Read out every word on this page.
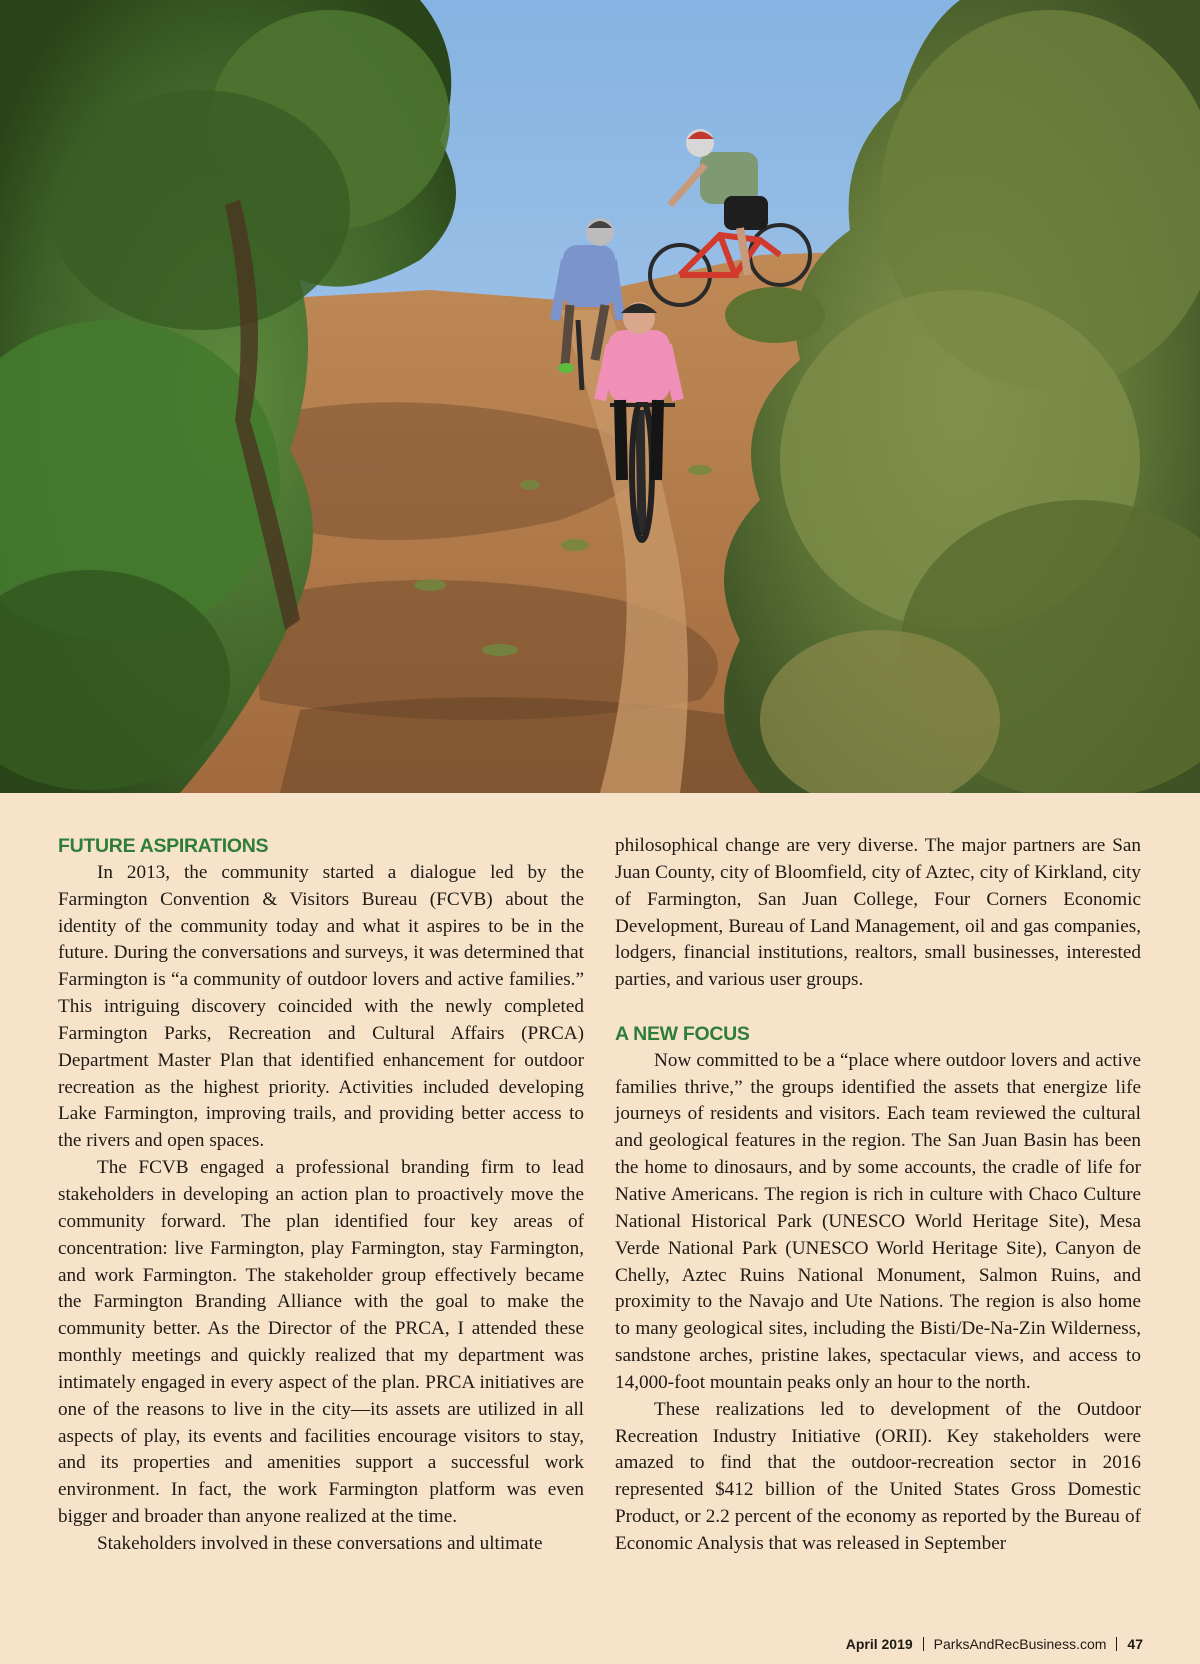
FUTURE ASPIRATIONS

In 2013, the community started a dialogue led by the Farmington Convention & Visitors Bureau (FCVB) about the identity of the community today and what it aspires to be in the future. During the conversations and surveys, it was determined that Farmington is “a community of outdoor lovers and active families.” This intriguing discovery coincided with the newly completed Farmington Parks, Recreation and Cultural Affairs (PRCA) Department Master Plan that identified enhancement for outdoor recreation as the highest priority. Activities included developing Lake Farmington, improving trails, and providing better access to the rivers and open spaces.

The FCVB engaged a professional branding firm to lead stakeholders in developing an action plan to proactively move the community forward. The plan identified four key areas of concentration: live Farmington, play Farmington, stay Farmington, and work Farmington. The stakeholder group effectively became the Farmington Branding Alliance with the goal to make the community better. As the Director of the PRCA, I attended these monthly meetings and quickly realized that my department was intimately engaged in every aspect of the plan. PRCA initiatives are one of the reasons to live in the city—its assets are utilized in all aspects of play, its events and facilities encourage visitors to stay, and its properties and amenities support a successful work environment. In fact, the work Farmington platform was even bigger and broader than anyone realized at the time.

Stakeholders involved in these conversations and ultimate

philosophical change are very diverse. The major partners are San Juan County, city of Bloomfield, city of Aztec, city of Kirkland, city of Farmington, San Juan College, Four Corners Economic Development, Bureau of Land Management, oil and gas companies, lodgers, financial institutions, realtors, small businesses, interested parties, and various user groups.

A NEW FOCUS

Now committed to be a “place where outdoor lovers and active families thrive,” the groups identified the assets that energize life journeys of residents and visitors. Each team reviewed the cultural and geological features in the region. The San Juan Basin has been the home to dinosaurs, and by some accounts, the cradle of life for Native Americans. The region is rich in culture with Chaco Culture National Historical Park (UNESCO World Heritage Site), Mesa Verde National Park (UNESCO World Heritage Site), Canyon de Chelly, Aztec Ruins National Monument, Salmon Ruins, and proximity to the Navajo and Ute Nations. The region is also home to many geological sites, including the Bisti/De-Na-Zin Wilderness, sandstone arches, pristine lakes, spectacular views, and access to 14,000-foot mountain peaks only an hour to the north.

These realizations led to development of the Outdoor Recreation Industry Initiative (ORII). Key stakeholders were amazed to find that the outdoor-recreation sector in 2016 represented $412 billion of the United States Gross Domestic Product, or 2.2 percent of the economy as reported by the Bureau of Economic Analysis that was released in September

April 2019 ParksAndRecBusiness.com 47
